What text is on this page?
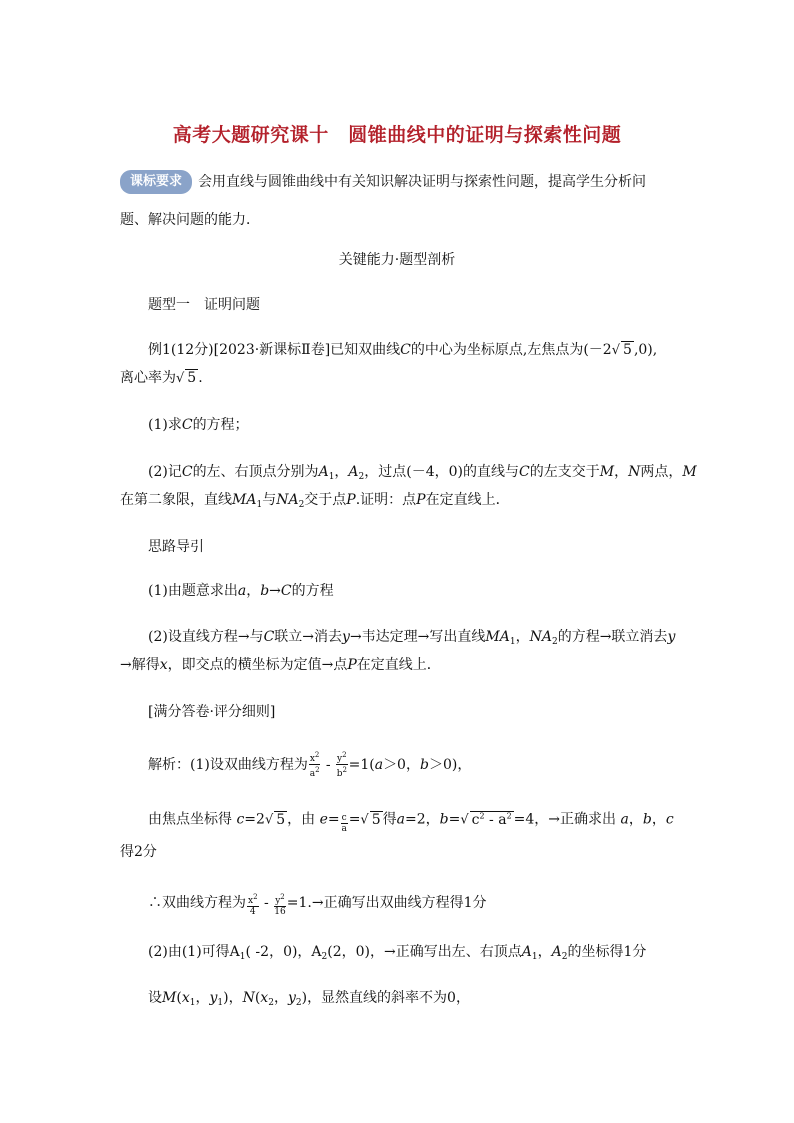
高考大题研究课十　圆锥曲线中的证明与探索性问题
课标要求 会用直线与圆锥曲线中有关知识解决证明与探索性问题，提高学生分析问
题、解决问题的能力．
关键能力·题型剖析
题型一　证明问题
例1(12分)[2023·新课标Ⅱ卷]已知双曲线C的中心为坐标原点,左焦点为(－2√ 5 ,0),
离心率为√ 5 .
(1)求C的方程；
(2)记C的左、右顶点分别为$A_1$，$A_2$，过点(－4，0)的直线与C的左支交于M，N两点，M
在第二象限，直线$MA_1$与$NA_2$交于点P.证明：点P在定直线上．
思路导引
(1)由题意求出a，b→C的方程
(2)设直线方程→与C联立→消去y→韦达定理→写出直线$MA_1$，$NA_2$的方程→联立消去y
→解得x，即交点的横坐标为定值→点P在定直线上．
[满分答卷·评分细则]
解析：(1)设双曲线方程为 $\frac{x^2}{a^2} - \frac{y^2}{b^2} =1(a>0$，b＞0)，
由焦点坐标得 c=2√ 5 ，由 $e= \frac{c}{a}$ =√ 5 得a=2，b=√ $c^2 - a^2 =4$，→正确求出 a，b，c
得2分
∴双曲线方程为 $\frac{x^2}{4} - \frac{y^2}{16} =1.\to$正确写出双曲线方程得1分
(2)由(1)可得$A_1$( -2，0)，$A_2(2$，0)，→正确写出左、右顶点$A_1$，$A_2$的坐标得1分
设$M(x_1$，$y_1$)，$N(x_2$，$y_2$)，显然直线的斜率不为0，
